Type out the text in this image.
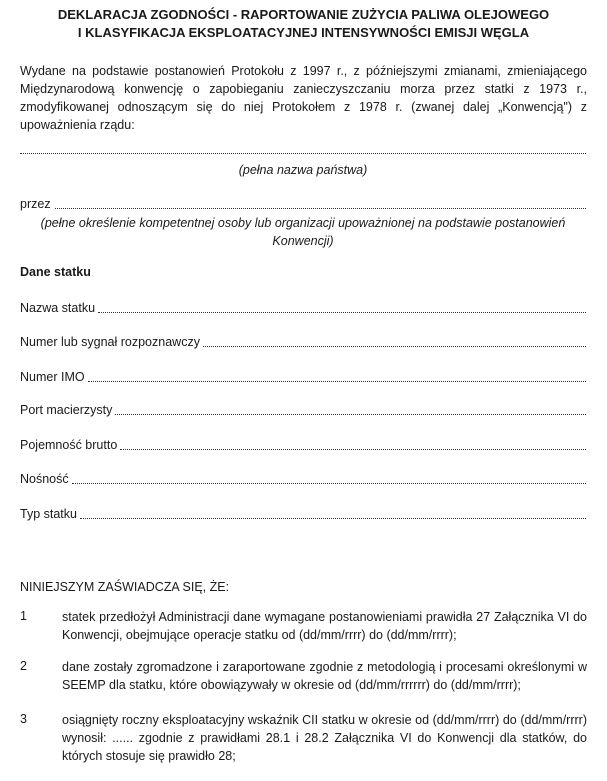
DEKLARACJA ZGODNOŚCI - RAPORTOWANIE ZUŻYCIA PALIWA OLEJOWEGO
I KLASYFIKACJA EKSPLOATACYJNEJ INTENSYWNOŚCI EMISJI WĘGLA
Wydane na podstawie postanowień Protokołu z 1997 r., z późniejszymi zmianami, zmieniającego Międzynarodową konwencję o zapobieganiu zanieczyszczaniu morza przez statki z 1973 r., zmodyfikowanej odnoszącym się do niej Protokołem z 1978 r. (zwanej dalej „Konwencją") z upoważnienia rządu:
(pełna nazwa państwa)
przez
(pełne określenie kompetentnej osoby lub organizacji upoważnionej na podstawie postanowień Konwencji)
Dane statku
Nazwa statku
Numer lub sygnał rozpoznawczy
Numer IMO
Port macierzysty
Pojemność brutto
Nośność
Typ statku
NINIEJSZYM ZAŚWIADCZA SIĘ, ŻE:
1	statek przedłożył Administracji dane wymagane postanowieniami prawidła 27 Załącznika VI do Konwencji, obejmujące operacje statku od (dd/mm/rrrr) do (dd/mm/rrrr);
2	dane zostały zgromadzone i zaraportowane zgodnie z metodologią i procesami określonymi w SEEMP dla statku, które obowiązywały w okresie od (dd/mm/rrrrrr) do (dd/mm/rrrr);
3	osiągnięty roczny eksploatacyjny wskaźnik CII statku w okresie od (dd/mm/rrrr) do (dd/mm/rrrr) wynosił: ...... zgodnie z prawidłami 28.1 i 28.2 Załącznika VI do Konwencji dla statków, do których stosuje się prawidło 28;
